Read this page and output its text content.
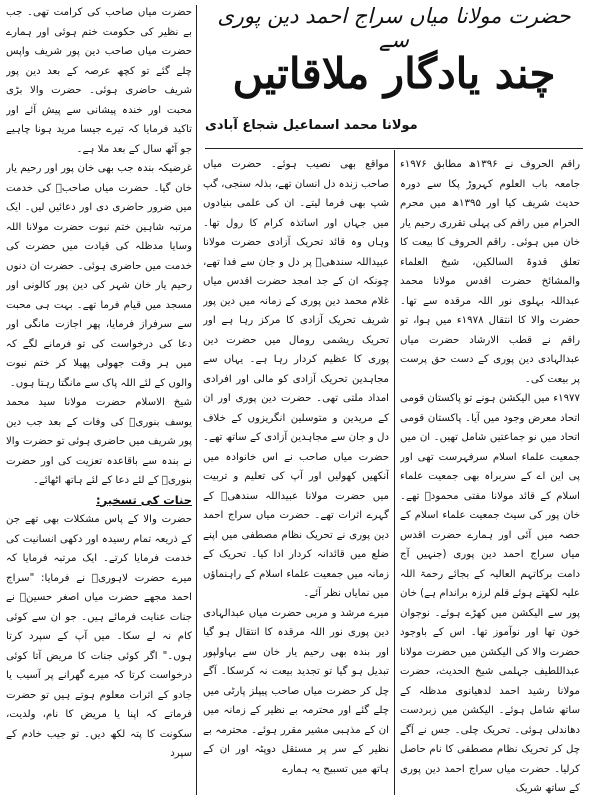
حضرت مولانا میاں سراج احمد دین پوری سے
چند یادگار ملاقاتیں
مولانا محمد اسماعیل شجاع آبادی

راقم الحروف نے ۱۳۹۶ھ مطابق ۱۹۷۶ء جامعہ باب العلوم کہروڑ پکا سے دورہ حدیث شریف کیا اور ۱۳۹۵ھ میں محرم الحرام میں راقم کی پہلی تقرری رحیم یار خان میں ہوئی۔ راقم الحروف کا بیعت کا تعلق قدوۃ السالکین، شیخ العلماء والمشائخ حضرت اقدس مولانا محمد عبداللہ بہلوی نور اللہ مرقدہ سے تھا۔ حضرت والا کا انتقال ۱۹۷۸ء میں ہوا، تو راقم نے قطب الارشاد حضرت میاں عبدالہادی دین پوری کے دست حق پرست پر بیعت کی۔

۱۹۷۷ء میں الیکشن ہونے تو پاکستان قومی اتحاد معرض وجود میں آیا۔ پاکستان قومی اتحاد میں نو جماعتیں شامل تھیں۔ ان میں جمعیت علماء اسلام سرفہرست تھی اور پی این اے کے سربراہ بھی جمعیت علماء اسلام کے قائد مولانا مفتی محمودؒ تھے۔ خان پور کی سیٹ جمعیت علماء اسلام کے حصہ میں آئی اور ہمارے حضرت اقدس میاں سراج احمد دین پوری (جنہیں آج دامت برکاتہم العالیہ کے بجائے رحمۃ اللہ علیہ لکھتے ہوئے قلم لرزہ براندام ہے) خان پور سے الیکشن میں کھڑے ہوئے۔ نوجوان خون تھا اور نوآموز تھا۔ اس کے باوجود حضرت والا کی الیکشن میں حضرت مولانا عبداللطیف جہلمی شیخ الحدیث، حضرت مولانا رشید احمد لدھیانوی مدظلہ کے ساتھ شامل ہوئے۔ الیکشن میں زبردست دھاندلی ہوئی۔ تحریک چلی۔ جس نے آگے چل کر تحریک نظام مصطفی کا نام حاصل کرلیا۔ حضرت میاں سراج احمد دین پوری کے ساتھ شریک

مواقع بھی نصیب ہوئے۔ حضرت میاں صاحب زندہ دل انسان تھے، بذلہ سنجی، گپ شپ بھی فرما لیتے۔ ان کی علمی بنیادوں میں جہاں اور اساتذہ کرام کا رول تھا۔ وہاں وہ قائد تحریک آزادی حضرت مولانا عبیداللہ سندھیؒ پر دل و جان سے فدا تھے، چونکہ ان کے جد امجد حضرت اقدس میاں غلام محمد دین پوری کے زمانہ میں دین پور شریف تحریک آزادی کا مرکز رہا ہے اور تحریک ریشمی رومال میں حضرت دین پوری کا عظیم کردار رہا ہے۔ یہاں سے مجاہدین تحریک آزادی کو مالی اور افرادی امداد ملتی تھی۔ حضرت دین پوری اور ان کے مریدین و متوسلین انگریزوں کے خلاف دل و جان سے مجاہدین آزادی کے ساتھ تھے۔ حضرت میاں صاحب نے اس خانوادہ میں آنکھیں کھولیں اور آپ کی تعلیم و تربیت میں حضرت مولانا عبیداللہ سندھیؒ کے گہرے اثرات تھے۔ حضرت میاں سراج احمد دین پوری نے تحریک نظام مصطفی میں اپنے ضلع میں قائدانہ کردار ادا کیا۔ تحریک کے زمانہ میں جمعیت علماء اسلام کے راہنماؤں میں نمایاں نظر آئے۔

میرے مرشد و مربی حضرت میاں عبدالہادی دین پوری نور اللہ مرقدہ کا انتقال ہو گیا اور بندہ بھی رحیم یار خان سے بہاولپور تبدیل ہو گیا تو تجدید بیعت نہ کرسکا۔ آگے چل کر حضرت میاں صاحب پیپلز پارٹی میں چلے گئے اور محترمہ بے نظیر کے زمانہ میں ان کے مذہبی مشیر مقرر ہوئے۔ محترمہ بے نظیر کے سر پر مستقل دوپٹہ اور ان کے ہاتھ میں تسبیح یہ ہمارے

حضرت میاں صاحب کی کرامت تھی۔ جب بے نظیر کی حکومت ختم ہوئی اور ہمارے حضرت میاں صاحب دین پور شریف واپس چلے گئے تو کچھ عرصہ کے بعد دین پور شریف حاضری ہوئی۔ حضرت والا بڑی محبت اور خندہ پیشانی سے پیش آئے اور تاکید فرمایا کہ تیرے جیسا مرید ہونا چاہیے جو آٹھ سال کے بعد ملا ہے۔

غرضیکہ بندہ جب بھی خان پور اور رحیم یار خان گیا۔ حضرت میاں صاحبؒ کی خدمت میں ضرور حاضری دی اور دعائیں لیں۔ ایک مرتبہ شاہین ختم نبوت حضرت مولانا اللہ وسایا مدظلہ کی قیادت میں حضرت کی خدمت میں حاضری ہوئی۔ حضرت ان دنوں رحیم یار خان شہر کی دین پور کالونی اور مسجد میں قیام فرما تھے۔ بہت ہی محبت سے سرفراز فرمایا، پھر اجازت مانگی اور دعا کی درخواست کی تو فرمانے لگے کہ میں ہر وقت جھولی پھیلا کر ختم نبوت والوں کے لئے اللہ پاک سے مانگتا رہتا ہوں۔

شیخ الاسلام حضرت مولانا سید محمد یوسف بنوریؒ کی وفات کے بعد جب دین پور شریف میں حاضری ہوئی تو حضرت والا نے بندہ سے باقاعدہ تعزیت کی اور حضرت بنوریؒ کے لئے دعا کے لئے ہاتھ اٹھائے۔

جنات کی تسخیر:

حضرت والا کے پاس مشکلات بھی تھے جن کے ذریعہ تمام رسیدہ اور دکھی انسانیت کی خدمت فرمایا کرتے۔ ایک مرتبہ فرمایا کہ میرے حضرت لاہوریؒ نے فرمایا: "سراج احمد مجھے حضرت میاں اصغر حسینؒ نے جنات عنایت فرمائے ہیں۔ جو ان سے کوئی کام نہ لے سکا۔ میں آپ کے سپرد کرتا ہوں۔" اگر کوئی جنات کا مریض آتا کوئی درخواست کرتا کہ میرے گھرانے پر آسیب یا جادو کے اثرات معلوم ہوتے ہیں تو حضرت فرماتے کہ اپنا یا مریض کا نام، ولدیت، سکونت کا پتہ لکھ دیں۔ تو جیب خادم کے سپرد
